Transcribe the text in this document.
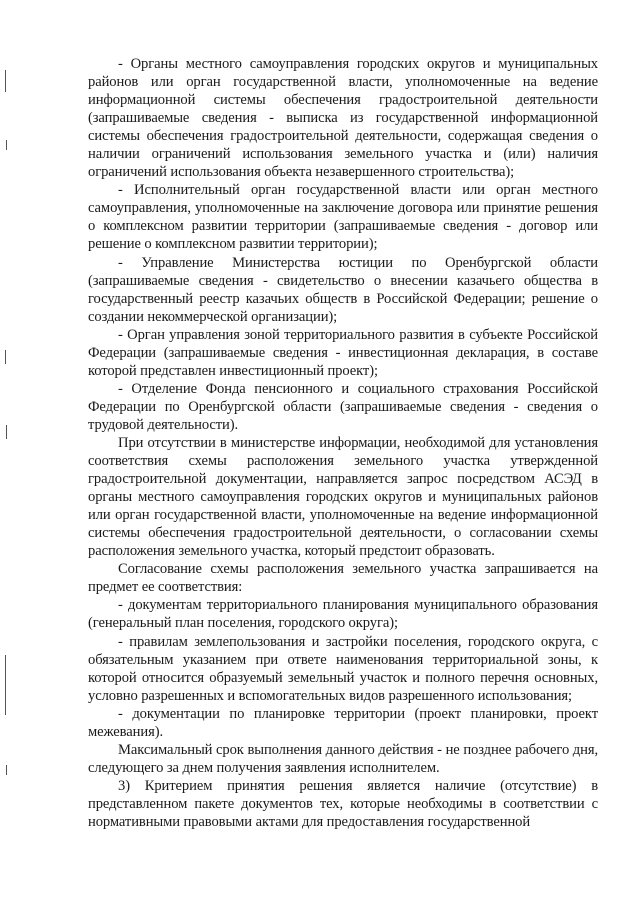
- Органы местного самоуправления городских округов и муниципальных районов или орган государственной власти, уполномоченные на ведение информационной системы обеспечения градостроительной деятельности (запрашиваемые сведения - выписка из государственной информационной системы обеспечения градостроительной деятельности, содержащая сведения о наличии ограничений использования земельного участка и (или) наличия ограничений использования объекта незавершенного строительства);

- Исполнительный орган государственной власти или орган местного самоуправления, уполномоченные на заключение договора или принятие решения о комплексном развитии территории (запрашиваемые сведения - договор или решение о комплексном развитии территории);

- Управление Министерства юстиции по Оренбургской области (запрашиваемые сведения - свидетельство о внесении казачьего общества в государственный реестр казачьих обществ в Российской Федерации; решение о создании некоммерческой организации);

- Орган управления зоной территориального развития в субъекте Российской Федерации (запрашиваемые сведения - инвестиционная декларация, в составе которой представлен инвестиционный проект);

- Отделение Фонда пенсионного и социального страхования Российской Федерации по Оренбургской области (запрашиваемые сведения - сведения о трудовой деятельности).

При отсутствии в министерстве информации, необходимой для установления соответствия схемы расположения земельного участка утвержденной градостроительной документации, направляется запрос посредством АСЭД в органы местного самоуправления городских округов и муниципальных районов или орган государственной власти, уполномоченные на ведение информационной системы обеспечения градостроительной деятельности, о согласовании схемы расположения земельного участка, который предстоит образовать.

Согласование схемы расположения земельного участка запрашивается на предмет ее соответствия:

- документам территориального планирования муниципального образования (генеральный план поселения, городского округа);

- правилам землепользования и застройки поселения, городского округа, с обязательным указанием при ответе наименования территориальной зоны, к которой относится образуемый земельный участок и полного перечня основных, условно разрешенных и вспомогательных видов разрешенного использования;

- документации по планировке территории (проект планировки, проект межевания).

Максимальный срок выполнения данного действия - не позднее рабочего дня, следующего за днем получения заявления исполнителем.

3) Критерием принятия решения является наличие (отсутствие) в представленном пакете документов тех, которые необходимы в соответствии с нормативными правовыми актами для предоставления государственной
